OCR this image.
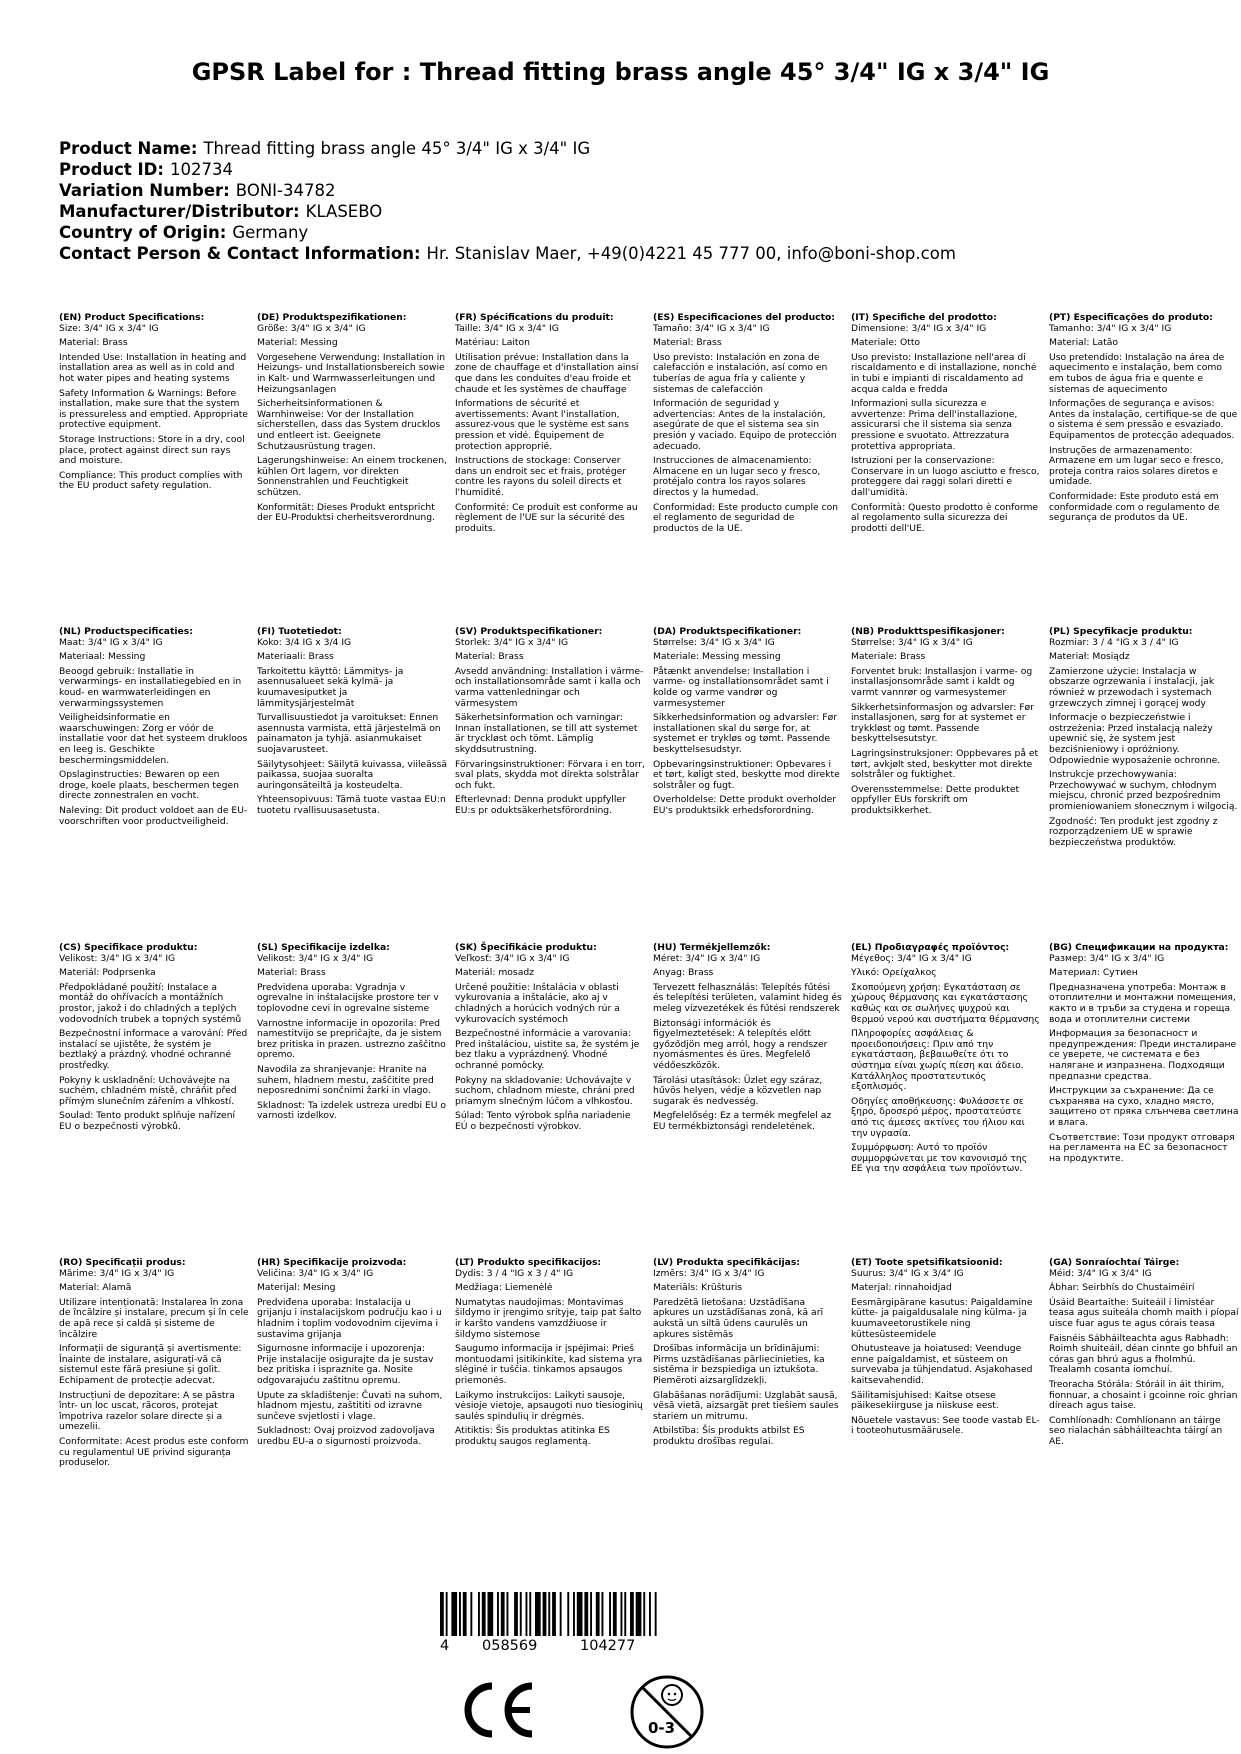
GPSR Label for : Thread fitting brass angle 45° 3/4" IG x 3/4" IG
Product Name: Thread fitting brass angle 45° 3/4" IG x 3/4" IG
Product ID: 102734
Variation Number: BONI-34782
Manufacturer/Distributor: KLASEBO
Country of Origin: Germany
Contact Person & Contact Information: Hr. Stanislav Maer, +49(0)4221 45 777 00, info@boni-shop.com
(EN) Product Specifications:

Size: 3/4" IG x 3/4" IG

Material: Brass

Intended Use: Installation in heating and installation area as well as in cold and hot water pipes and heating systems

Safety Information & Warnings: Before installation, make sure that the system is pressureless and emptied. Appropriate protective equipment.

Storage Instructions: Store in a dry, cool place, protect against direct sun rays and moisture.

Compliance: This product complies with the EU product safety regulation.

(DE) Produktspezifikationen:

Größe: 3/4" IG x 3/4" IG

Material: Messing

Vorgesehene Verwendung: Installation in Heizungs- und Installationsbereich sowie in Kalt- und Warmwasserleitungen und Heizungsanlagen

Sicherheitsinformationen & Warnhinweise: Vor der Installation sicherstellen, dass das System drucklos und entleert ist. Geeignete Schutzausrüstung tragen.

Lagerungshinweise: An einem trockenen, kühlen Ort lagern, vor direkten Sonnenstrahlen und Feuchtigkeit schützen.

Konformität: Dieses Produkt entspricht der EU-Produktsi cherheitsverordnung.

(FR) Spécifications du produit:

Taille: 3/4" IG x 3/4" IG

Matériau: Laiton

Utilisation prévue: Installation dans la zone de chauffage et d'installation ainsi que dans les conduites d'eau froide et chaude et les systèmes de chauffage

Informations de sécurité et avertissements: Avant l'installation, assurez-vous que le système est sans pression et vidé. Équipement de protection approprié.

Instructions de stockage: Conserver dans un endroit sec et frais, protéger contre les rayons du soleil directs et l'humidité.

Conformité: Ce produit est conforme au règlement de l'UE sur la sécurité des produits.

(ES) Especificaciones del producto:

Tamaño: 3/4" IG x 3/4" IG

Material: Brass

Uso previsto: Instalación en zona de calefacción e instalación, así como en tuberías de agua fría y caliente y sistemas de calefacción

Información de seguridad y advertencias: Antes de la instalación, asegúrate de que el sistema sea sin presión y vaciado. Equipo de protección adecuado.

Instrucciones de almacenamiento: Almacene en un lugar seco y fresco, protéjalo contra los rayos solares directos y la humedad.

Conformidad: Este producto cumple con el reglamento de seguridad de productos de la UE.

(IT) Specifiche del prodotto:

Dimensione: 3/4" IG x 3/4" IG

Materiale: Otto

Uso previsto: Installazione nell'area di riscaldamento e di installazione, nonché in tubi e impianti di riscaldamento ad acqua calda e fredda

Informazioni sulla sicurezza e avvertenze: Prima dell'installazione, assicurarsi che il sistema sia senza pressione e svuotato. Attrezzatura protettiva appropriata.

Istruzioni per la conservazione: Conservare in un luogo asciutto e fresco, proteggere dai raggi solari diretti e dall'umidità.

Conformità: Questo prodotto è conforme al regolamento sulla sicurezza dei prodotti dell'UE.

(PT) Especificações do produto:

Tamanho: 3/4" IG x 3/4" IG

Material: Latão

Uso pretendido: Instalação na área de aquecimento e instalação, bem como em tubos de água fria e quente e sistemas de aquecimento

Informações de segurança e avisos: Antes da instalação, certifique-se de que o sistema é sem pressão e esvaziado. Equipamentos de protecção adequados.

Instruções de armazenamento: Armazene em um lugar seco e fresco, proteja contra raios solares diretos e umidade.

Conformidade: Este produto está em conformidade com o regulamento de segurança de produtos da UE.

(NL) Productspecificaties:

Maat: 3/4" IG x 3/4" IG

Materiaal: Messing

Beoogd gebruik: Installatie in verwarmings- en installatiegebied en in koud- en warmwaterleidingen en verwarmingssystemen

Veiligheidsinformatie en waarschuwingen: Zorg er vóór de installatie voor dat het systeem drukloos en leeg is. Geschikte beschermingsmiddelen.

Opslaginstructies: Bewaren op een droge, koele plaats, beschermen tegen directe zonnestralen en vocht.

Naleving: Dit product voldoet aan de EU-voorschriften voor productveiligheid.

(FI) Tuotetiedot:

Koko: 3/4 IG x 3/4 IG

Materiaali: Brass

Tarkoitettu käyttö: Lämmitys- ja asennusalueet sekä kylmä- ja kuumavesiputket ja lämmitysjärjestelmät

Turvallisuustiedot ja varoitukset: Ennen asennusta varmista, että järjestelmä on painamaton ja tyhjä. asianmukaiset suojavarusteet.

Säilytysohjeet: Säilytä kuivassa, viileässä paikassa, suojaa suoralta auringonsäteiltä ja kosteudelta.

Yhteensopivuus: Tämä tuote vastaa EU:n tuotetu rvallisuusasetusta.

(SV) Produktspecifikationer:

Storlek: 3/4" IG x 3/4" IG

Material: Brass

Avsedd användning: Installation i värme- och installationsområde samt i kalla och varma vattenledningar och värmesystem

Säkerhetsinformation och varningar: Innan installationen, se till att systemet är tryckløst och tömt. Lämplig skyddsutrustning.

Förvaringsinstruktioner: Förvara i en torr, sval plats, skydda mot direkta solstrålar och fukt.

Efterlevnad: Denna produkt uppfyller EU:s pr oduktsäkerhetsförordning.

(DA) Produktspecifikationer:

Størrelse: 3/4" IG x 3/4" IG

Materiale: Messing messing

Påtænkt anvendelse: Installation i varme- og installationsområdet samt i kolde og varme vandrør og varmesystemer

Sikkerhedsinformation og advarsler: Før installationen skal du sørge for, at systemet er trykløs og tømt. Passende beskyttelsesudstyr.

Opbevaringsinstruktioner: Opbevares i et tørt, køligt sted, beskytte mod direkte solstråler og fugt.

Overholdelse: Dette produkt overholder EU's produktsikk erhedsforordning.

(NB) Produkttspesifikasjoner:

Størrelse: 3/4" IG x 3/4" IG

Materiale: Brass

Forventet bruk: Installasjon i varme- og installasjonsområde samt i kaldt og varmt vannrør og varmesystemer

Sikkerhetsinformasjon og advarsler: Før installasjonen, sørg for at systemet er trykkløst og tømt. Passende beskyttelsesutstyr.

Lagringsinstruksjoner: Oppbevares på et tørt, avkjølt sted, beskytter mot direkte solstråler og fuktighet.

Overensstemmelse: Dette produktet oppfyller EUs forskrift om produktsikkerhet.

(PL) Specyfikacje produktu:

Rozmiar: 3 / 4 "IG x 3 / 4" IG

Materiał: Mosiądz

Zamierzone użycie: Instalacja w obszarze ogrzewania i instalacji, jak również w przewodach i systemach grzewczych zimnej i gorącej wody

Informacje o bezpieczeństwie i ostrzeżenia: Przed instalacją należy upewnić się, że system jest bezciśnieniowy i opróżniony. Odpowiednie wyposażenie ochronne.

Instrukcje przechowywania: Przechowywać w suchym, chłodnym miejscu, chronić przed bezpośrednim promieniowaniem słonecznym i wilgocią.

Zgodność: Ten produkt jest zgodny z rozporządzeniem UE w sprawie bezpieczeństwa produktów.

(CS) Specifikace produktu:

Velikost: 3/4" IG x 3/4" IG

Materiál: Podprsenka

Předpokládané použití: Instalace a montáž do ohřívacích a montážních prostor, jakož i do chladných a teplých vodovodních trubek a topných systémů

Bezpečnostní informace a varování: Před instalací se ujistěte, že systém je beztlaký a prázdný. vhodné ochranné prostředky.

Pokyny k uskladnění: Uchovávejte na suchém, chladném místě, chráňit před přímým slunečním zářením a vlhkostí.

Soulad: Tento produkt splňuje nařízení EU o bezpečnosti výrobků.

(SL) Specifikacije izdelka:

Velikost: 3/4" IG x 3/4" IG

Material: Brass

Predvidena uporaba: Vgradnja v ogrevalne in inštalacijske prostore ter v toplovodne cevi in ogrevalne sisteme

Varnostne informacije in opozorila: Pred namestitvijo se prepričajte, da je sistem brez pritiska in prazen. ustrezno zaščitno opremo.

Navodila za shranjevanje: Hranite na suhem, hladnem mestu, zaščitite pred neposrednimi sončnimi žarki in vlago.

Skladnost: Ta izdelek ustreza uredbi EU o varnosti izdelkov.

(SK) Špecifikácie produktu:

Veľkosť: 3/4" IG x 3/4" IG

Materiál: mosadz

Určené použitie: Inštalácia v oblasti vykurovania a inštalácie, ako aj v chladných a horúcich vodných rúr a vykurovacích systémoch

Bezpečnostné informácie a varovania: Pred inštaláciou, uistite sa, že systém je bez tlaku a vyprázdnený. Vhodné ochranné pomôcky.

Pokyny na skladovanie: Uchovávajte v suchom, chladnom mieste, chráni pred priamym slnečným lúčom a vlhkosťou.

Súlad: Tento výrobok spĺňa nariadenie EÚ o bezpečnosti výrobkov.

(HU) Termékjellemzők:

Méret: 3/4" IG x 3/4" IG

Anyag: Brass

Tervezett felhasználás: Telepítés fűtési és telepítési területen, valamint hideg és meleg vízvezetékek és fűtési rendszerek

Biztonsági információk és figyelmeztetések: A telepítés előtt győződjön meg arról, hogy a rendszer nyomásmentes és üres. Megfelelő védőeszközök.

Tárolási utasítások: Üzlet egy száraz, hűvös helyen, védje a közvetlen nap sugarak és nedvesség.

Megfelelőség: Ez a termék megfelel az EU termékbiztonsági rendeletének.

(EL) Προδιαγραφές προϊόντος:

Μέγεθος: 3/4" IG x 3/4" IG

Υλικό: Ορείχαλκος

Σκοπούμενη χρήση: Εγκατάσταση σε χώρους θέρμανσης και εγκατάστασης καθώς και σε σωλήνες ψυχρού και θερμού νερού και συστήματα θέρμανσης

Πληροφορίες ασφάλειας & προειδοποιήσεις: Πριν από την εγκατάσταση, βεβαιωθείτε ότι το σύστημα είναι χωρίς πίεση και άδειο. Κατάλληλος προστατευτικός εξοπλισμός.

Οδηγίες αποθήκευσης: Φυλάσσετε σε ξηρό, δροσερό μέρος, προστατεύστε από τις άμεσες ακτίνες του ήλιου και την υγρασία.

Συμμόρφωση: Αυτό το προϊόν συμμορφώνεται με τον κανονισμό της ΕΕ για την ασφάλεια των προϊόντων.

(BG) Спецификации на продукта:

Размер: 3/4" IG x 3/4" IG

Материал: Сутиен

Предназначена употреба: Монтаж в отоплителни и монтажни помещения, както и в тръби за студена и гореща вода и отоплителни системи

Информация за безопасност и предупреждения: Преди инсталиране се уверете, че системата е без налягане и изпразнена. Подходящи предпазни средства.

Инструкции за съхранение: Да се съхранява на сухо, хладно място, защитено от пряка слънчева светлина и влага.

Съответствие: Този продукт отговаря на регламента на ЕС за безопасност на продуктите.

(RO) Specificații produs:

Mărime: 3/4" IG x 3/4" IG

Material: Alamă

Utilizare intenționată: Instalarea în zona de încălzire și instalare, precum și în cele de apă rece și caldă și sisteme de încălzire

Informații de siguranță și avertismente: Înainte de instalare, asigurați-vă că sistemul este fără presiune și golit. Echipament de protecție adecvat.

Instrucțiuni de depozitare: A se păstra într- un loc uscat, răcoros, protejat împotriva razelor solare directe și a umezelii.

Conformitate: Acest produs este conform cu regulamentul UE privind siguranța produselor.

(HR) Specifikacije proizvoda:

Veličina: 3/4" IG x 3/4" IG

Materijal: Mesing

Predviđena uporaba: Instalacija u grijanju i instalacijskom području kao i u hladnim i toplim vodovodnim cijevima i sustavima grijanja

Sigurnosne informacije i upozorenja: Prije instalacije osigurajte da je sustav bez pritiska i ispraznite ga. Nosite odgovarajuću zaštitnu opremu.

Upute za skladištenje: Čuvati na suhom, hladnom mjestu, zaštititi od izravne sunčeve svjetlosti i vlage.

Sukladnost: Ovaj proizvod zadovoljava uredbu EU-a o sigurnosti proizvoda.

(LT) Produkto specifikacijos:

Dydis: 3 / 4 "IG x 3 / 4" IG

Medžiaga: Liemenėlė

Numatytas naudojimas: Montavimas šildymo ir įrengimo srityje, taip pat šalto ir karšto vandens vamzdžiuose ir šildymo sistemose

Saugumo informacija ir įspėjimai: Prieš montuodami įsitikinkite, kad sistema yra slėginė ir tuščia. tinkamos apsaugos priemonės.

Laikymo instrukcijos: Laikyti sausoje, vėsioje vietoje, apsaugoti nuo tiesioginių saulės spindulių ir drėgmės.

Atitiktis: Šis produktas atitinka ES produktų saugos reglamentą.

(LV) Produkta specifikācijas:

Izmērs: 3/4" IG x 3/4" IG

Materiāls: Krūšturis

Paredzētā lietošana: Uzstādīšana apkures un uzstādīšanas zonā, kā arī aukstā un siltā ūdens caurulēs un apkures sistēmās

Drošības informācija un brīdinājumi: Pirms uzstādīšanas pārliecinieties, ka sistēma ir bezspiediga un iztukšota. Piemēroti aizsarglīdzekļi.

Glabāšanas norādījumi: Uzglabāt sausā, vēsā vietā, aizsargāt pret tiešiem saules stariem un mitrumu.

Atbilstība: Šis produkts atbilst ES produktu drošības regulai.

(ET) Toote spetsifikatsioonid:

Suurus: 3/4" IG x 3/4" IG

Materjal: rinnahoidjad

Eesmärgipärane kasutus: Paigaldamine kütte- ja paigaldusalale ning külma- ja kuumaveetorustikele ning küttesüsteemidele

Ohutusteave ja hoiatused: Veenduge enne paigaldamist, et süsteem on survevaba ja tühjendatud. Asjakohased kaitsevahendid.

Säilitamisjuhised: Kaitse otsese päikesekiirguse ja niiskuse eest.

Nõuetele vastavus: See toode vastab EL-i tooteohutusmäärusele.

(GA) Sonraíochtaí Táirge:

Méid: 3/4" IG x 3/4" IG

Ábhar: Seirbhís do Chustaiméirí

Úsáid Beartaithe: Suiteáil i limistéar teasa agus suiteála chomh maith i píopaí uisce fuar agus te agus córais teasa

Faisnéis Sábháilteachta agus Rabhadh: Roimh shuiteáil, déan cinnte go bhfuil an córas gan bhrú agus a fholmhú. Trealamh cosanta iomchuí.

Treoracha Stórála: Stóráil in áit thirim, fionnuar, a chosaint i gcoinne roic ghrian díreach agus taise.

Comhlíonadh: Comhlíonann an táirge seo rialachán sábháilteachta táirgí an AE.

4 058569	104277
0-3
